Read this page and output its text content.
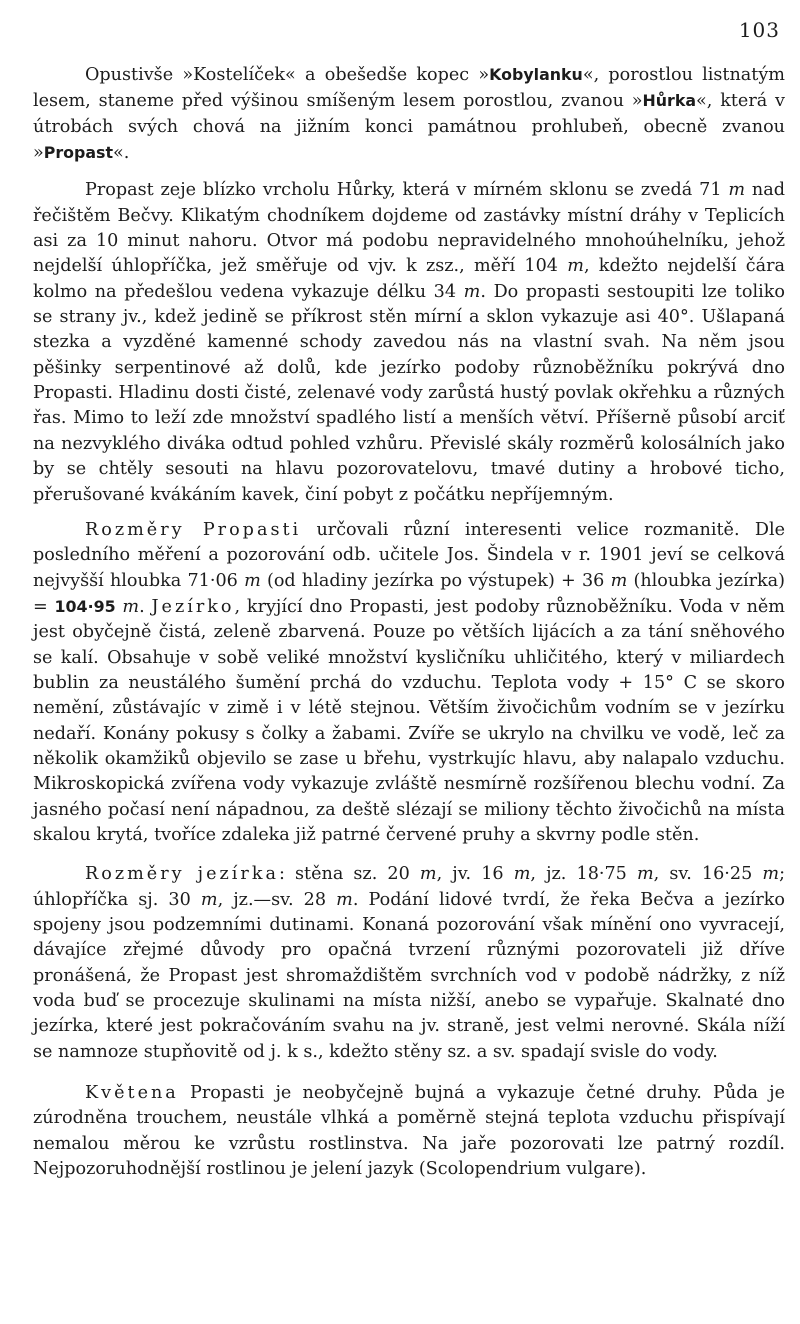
103

Opustivše »Kostelíček« a obešedše kopec »Kobylanku«, porostlou listnatým lesem, staneme před výšinou smíšeným lesem porostlou, zvanou »Hůrka«, která v útrobách svých chová na jižním konci památnou prohlubeň, obecně zvanou »Propast«.

Propast zeje blízko vrcholu Hůrky, která v mírném sklonu se zvedá 71 m nad řečištěm Bečvy. Klikatým chodníkem dojdeme od zastávky místní dráhy v Teplicích asi za 10 minut nahoru. Otvor má podobu nepravidelného mnohoúhelníku, jehož nejdelší úhlopříčka, jež směřuje od vjv. k zsz., měří 104 m, kdežto nejdelší čára kolmo na předešlou vedena vykazuje délku 34 m. Do propasti sestoupiti lze toliko se strany jv., kdež jedině se příkrost stěn mírní a sklon vykazuje asi 40°. Ušlapaná stezka a vyzděné kamenné schody zavedou nás na vlastní svah. Na něm jsou pěšinky serpentinové až dolů, kde jezírko podoby různoběžníku pokrývá dno Propasti. Hladinu dosti čisté, zelenavé vody zarůstá hustý povlak okřehku a různých řas. Mimo to leží zde množství spadlého listí a menších větví. Příšerně působí arciť na nezvyklého diváka odtud pohled vzhůru. Převislé skály rozměrů kolosálních jako by se chtěly sesouti na hlavu pozorovatelovu, tmavé dutiny a hrobové ticho, přerušované kvákáním kavek, činí pobyt z počátku nepříjemným.

Rozměry Propasti určovali různí interesenti velice rozmanitě. Dle posledního měření a pozorování odb. učitele Jos. Šindela v r. 1901 jeví se celková nejvyšší hloubka 71·06 m (od hladiny jezírka po výstupek) + 36 m (hloubka jezírka) = 104·95 m. Jezírko, kryjící dno Propasti, jest podoby různoběžníku. Voda v něm jest obyčejně čistá, zeleně zbarvená. Pouze po větších lijácích a za tání sněhového se kalí. Obsahuje v sobě veliké množství kysličníku uhličitého, který v miliardech bublin za neustálého šumění prchá do vzduchu. Teplota vody + 15° C se skoro nemění, zůstávajíc v zimě i v létě stejnou. Větším živočichům vodním se v jezírku nedaří. Konány pokusy s čolky a žabami. Zvíře se ukrylo na chvilku ve vodě, leč za několik okamžiků objevilo se zase u břehu, vystrkujíc hlavu, aby nalapalo vzduchu. Mikroskopická zvířena vody vykazuje zvláště nesmírně rozšířenou blechu vodní. Za jasného počasí není nápadnou, za deště slézají se miliony těchto živočichů na místa skalou krytá, tvoříce zdaleka již patrné červené pruhy a skvrny podle stěn.

Rozměry jezírka: stěna sz. 20 m, jv. 16 m, jz. 18·75 m, sv. 16·25 m; úhlopříčka sj. 30 m, jz.—sv. 28 m. Podání lidové tvrdí, že řeka Bečva a jezírko spojeny jsou podzemními dutinami. Konaná pozorování však mínění ono vyvracejí, dávajíce zřejmé důvody pro opačná tvrzení různými pozorovateli již dříve pronášená, že Propast jest shromaždištěm svrchních vod v podobě nádržky, z níž voda buď se procezuje skulinami na místa nižší, anebo se vypařuje. Skalnaté dno jezírka, které jest pokračováním svahu na jv. straně, jest velmi nerovné. Skála níží se namnoze stupňovitě od j. k s., kdežto stěny sz. a sv. spadají svisle do vody.

Květena Propasti je neobyčejně bujná a vykazuje četné druhy. Půda je zúrodněna trouchem, neustále vlhká a poměrně stejná teplota vzduchu přispívají nemalou měrou ke vzrůstu rostlinstva. Na jaře pozorovati lze patrný rozdíl. Nejpozoruhodnější rostlinou je jelení jazyk (Scolopendrium vulgare).
